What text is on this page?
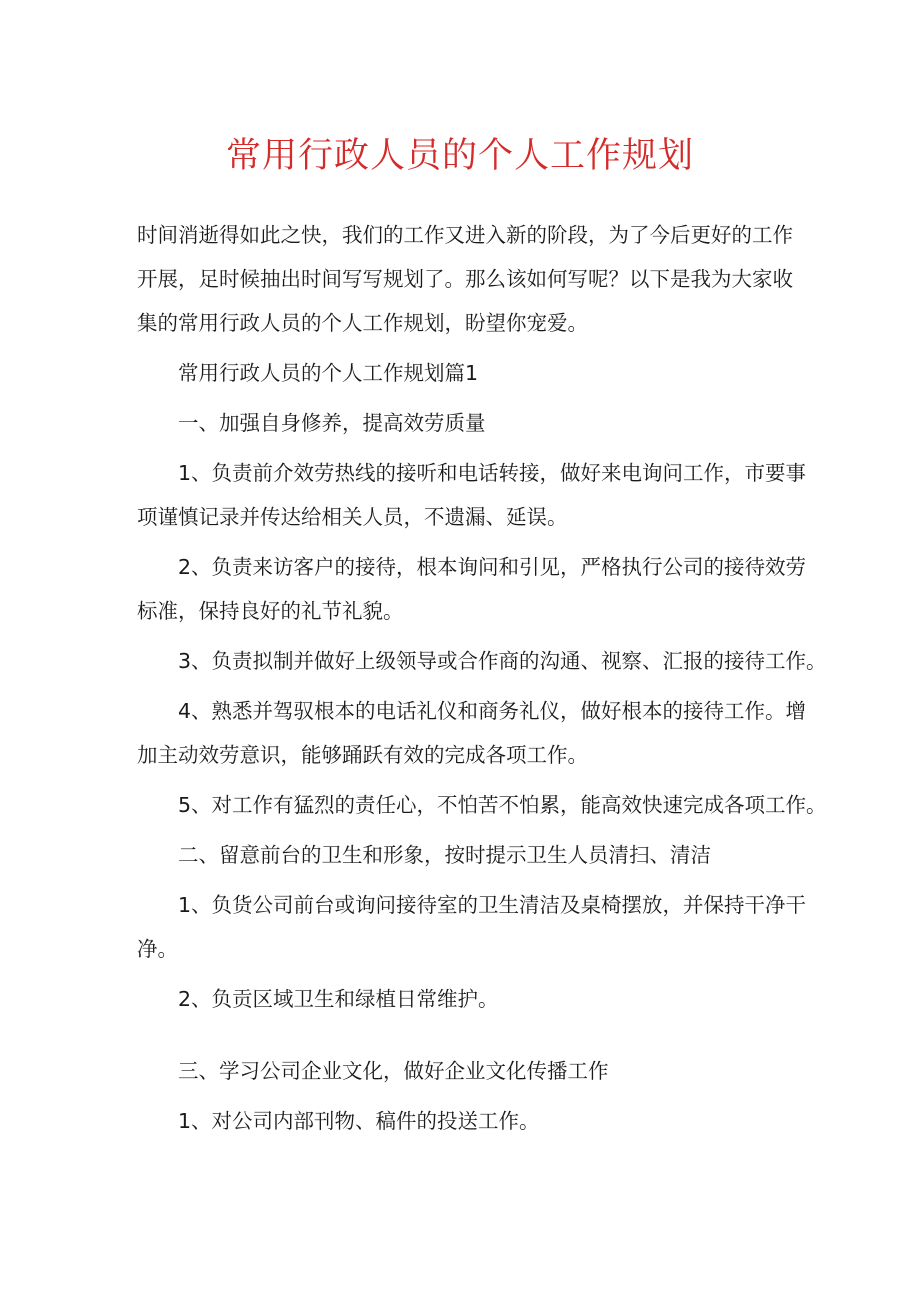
常用行政人员的个人工作规划
时间消逝得如此之快，我们的工作又进入新的阶段，为了今后更好的工作
开展，足时候抽出时间写写规划了。那么该如何写呢？以下是我为大家收
集的常用行政人员的个人工作规划，盼望你宠爱。
常用行政人员的个人工作规划篇1
一、加强自身修养，提高效劳质量
1、负责前介效劳热线的接听和电话转接，做好来电询问工作，市要事
项谨慎记录并传达给相关人员，不遗漏、延误。
2、负责来访客户的接待，根本询问和引见，严格执行公司的接待效劳
标准，保持良好的礼节礼貌。
3、负责拟制并做好上级领导或合作商的沟通、视察、汇报的接待工作。
4、熟悉并驾驭根本的电话礼仪和商务礼仪，做好根本的接待工作。增
加主动效劳意识，能够踊跃有效的完成各项工作。
5、对工作有猛烈的责任心，不怕苦不怕累，能高效快速完成各项工作。
二、留意前台的卫生和形象，按时提示卫生人员清扫、清洁
1、负货公司前台或询问接待室的卫生清洁及桌椅摆放，并保持干净干
净。
2、负贡区域卫生和绿植日常维护。
三、学习公司企业文化，做好企业文化传播工作
1、对公司内部刊物、稿件的投送工作。
